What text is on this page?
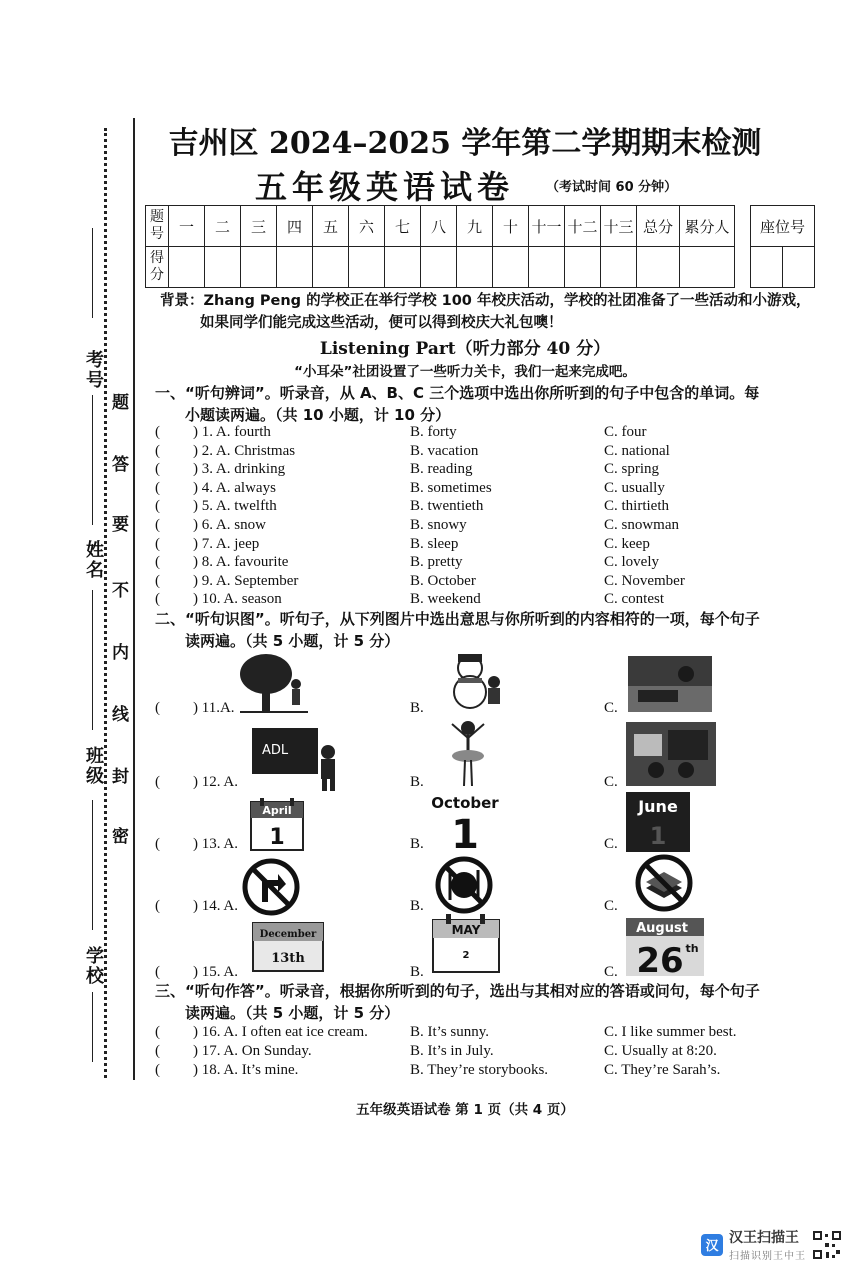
考号
姓名
班级
学校
题
答
要
不
内
线
封
密
吉州区 2024–2025 学年第二学期期末检测
五年级英语试卷 （考试时间 60 分钟）
题号	一	二	三	四	五	六	七	八	九	十	十一	十二	十三	总分	累分人		座位号	
得分																		
背景：Zhang Peng 的学校正在举行学校 100 年校庆活动，学校的社团准备了一些活动和小游戏，
如果同学们能完成这些活动，便可以得到校庆大礼包噢！
Listening Part（听力部分 40 分）
“小耳朵”社团设置了一些听力关卡，我们一起来完成吧。
一、“听句辨词”。听录音，从 A、B、C 三个选项中选出你所听到的句子中包含的单词。每
小题读两遍。（共 10 小题，计 10 分）
( ) 1. A. fourth	B. forty	C. four
( ) 2. A. Christmas	B. vacation	C. national
( ) 3. A. drinking	B. reading	C. spring
( ) 4. A. always	B. sometimes	C. usually
( ) 5. A. twelfth	B. twentieth	C. thirtieth
( ) 6. A. snow	B. snowy	C. snowman
( ) 7. A. jeep	B. sleep	C. keep
( ) 8. A. favourite	B. pretty	C. lovely
( ) 9. A. September	B. October	C. November
( ) 10. A. season	B. weekend	C. contest
二、“听句识图”。听句子，从下列图片中选出意思与你所听到的内容相符的一项，每个句子
读两遍。（共 5 小题，计 5 分）
( ) 11.A.	B.	C.
( ) 12. A.	B.	C.
( ) 13. A.	B.	C.
( ) 14. A.	B.	C.
( ) 15. A.	B.	C.
ADL
April
1
October
1
June
1
December
13th
MAY
2
August
26 th
三、“听句作答”。听录音，根据你所听到的句子，选出与其相对应的答语或问句，每个句子
读两遍。（共 5 小题，计 5 分）
( ) 16. A. I often eat ice cream.	B. It’s sunny.	C. I like summer best.
( ) 17. A. On Sunday.	B. It’s in July.	C. Usually at 8:20.
( ) 18. A. It’s mine.	B. They’re storybooks.	C. They’re Sarah’s.
五年级英语试卷 第 1 页（共 4 页）
汉
汉王扫描王
扫描识别王中王
